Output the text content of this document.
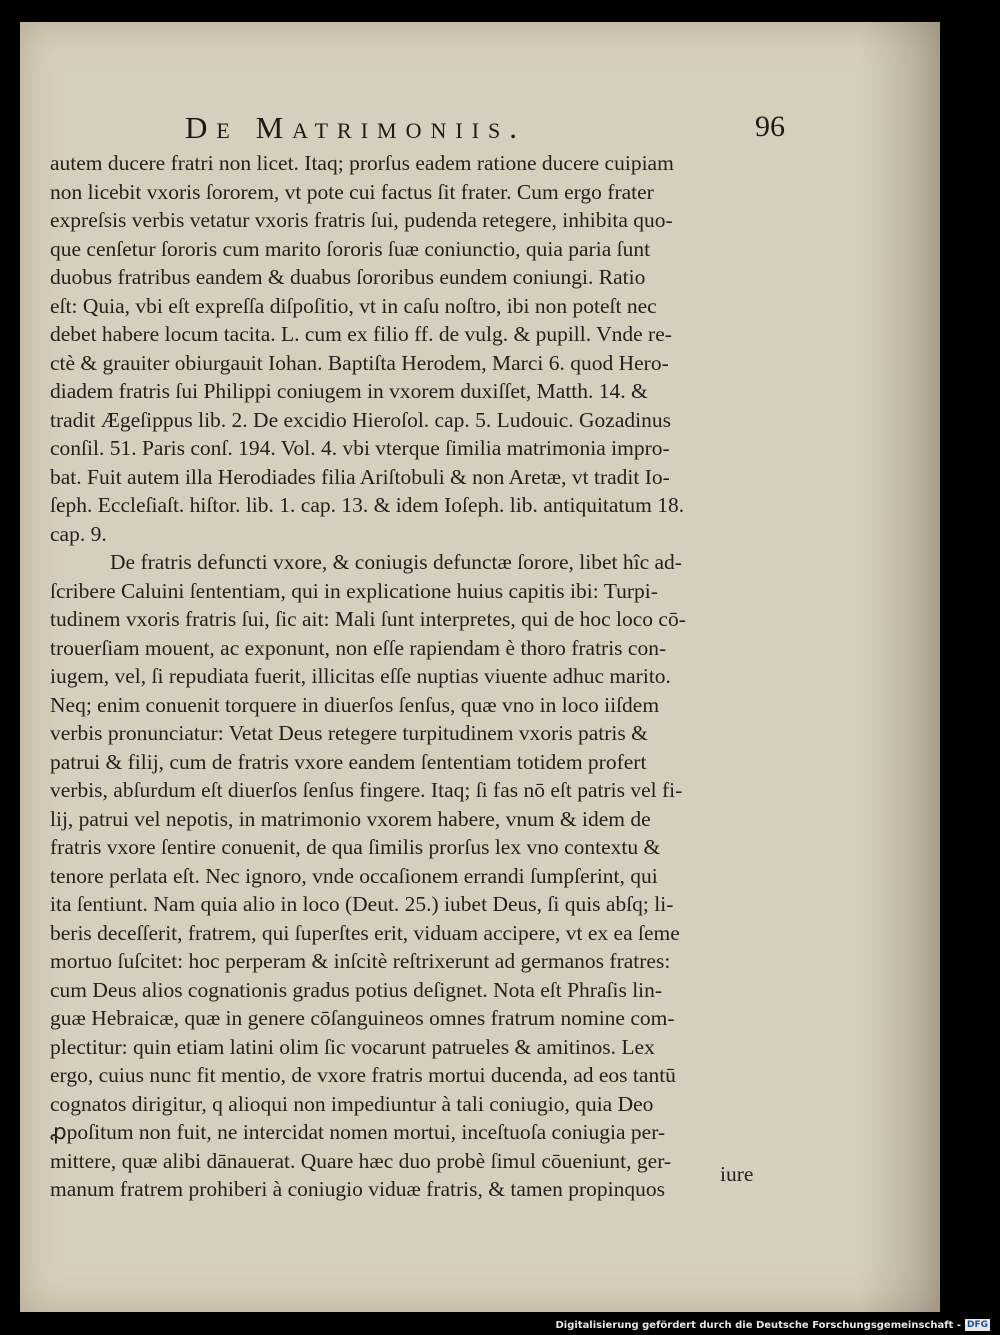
De Matrimoniis.	96
autem ducere fratri non licet. Itaq; prorſus eadem ratione ducere cuipiam
non licebit vxoris ſororem, vt pote cui factus ſit frater. Cum ergo frater
expreſsis verbis vetatur vxoris fratris ſui, pudenda retegere, inhibita quo-
que cenſetur ſororis cum marito ſororis ſuæ coniunctio, quia paria ſunt
duobus fratribus eandem & duabus ſororibus eundem coniungi. Ratio
eſt: Quia, vbi eſt expreſſa diſpoſitio, vt in caſu noſtro, ibi non poteſt nec
debet habere locum tacita. L. cum ex filio ff. de vulg. & pupill. Vnde re-
ctè & grauiter obiurgauit Iohan. Baptiſta Herodem, Marci 6. quod Hero-
diadem fratris ſui Philippi coniugem in vxorem duxiſſet, Matth. 14. &
tradit Ægeſippus lib. 2. De excidio Hieroſol. cap. 5. Ludouic. Gozadinus
conſil. 51. Paris conſ. 194. Vol. 4. vbi vterque ſimilia matrimonia impro-
bat. Fuit autem illa Herodiades filia Ariſtobuli & non Aretæ, vt tradit Io-
ſeph. Eccleſiaſt. hiſtor. lib. 1. cap. 13. & idem Ioſeph. lib. antiquitatum 18.
cap. 9.
De fratris defuncti vxore, & coniugis defunctæ ſorore, libet hîc ad-
ſcribere Caluini ſententiam, qui in explicatione huius capitis ibi: Turpi-
tudinem vxoris fratris ſui, ſic ait: Mali ſunt interpretes, qui de hoc loco cō-
trouerſiam mouent, ac exponunt, non eſſe rapiendam è thoro fratris con-
iugem, vel, ſi repudiata fuerit, illicitas eſſe nuptias viuente adhuc marito.
Neq; enim conuenit torquere in diuerſos ſenſus, quæ vno in loco iiſdem
verbis pronunciatur: Vetat Deus retegere turpitudinem vxoris patris &
patrui & filij, cum de fratris vxore eandem ſententiam totidem profert
verbis, abſurdum eſt diuerſos ſenſus fingere. Itaq; ſi fas nō eſt patris vel fi-
lij, patrui vel nepotis, in matrimonio vxorem habere, vnum & idem de
fratris vxore ſentire conuenit, de qua ſimilis prorſus lex vno contextu &
tenore perlata eſt. Nec ignoro, vnde occaſionem errandi ſumpſerint, qui
ita ſentiunt. Nam quia alio in loco (Deut. 25.) iubet Deus, ſi quis abſq; li-
beris deceſſerit, fratrem, qui ſuperſtes erit, viduam accipere, vt ex ea ſeme
mortuo ſuſcitet: hoc perperam & inſcitè reſtrixerunt ad germanos fratres:
cum Deus alios cognationis gradus potius deſignet. Nota eſt Phraſis lin-
guæ Hebraicæ, quæ in genere cōſanguineos omnes fratrum nomine com-
plectitur: quin etiam latini olim ſic vocarunt patrueles & amitinos. Lex
ergo, cuius nunc fit mentio, de vxore fratris mortui ducenda, ad eos tantū
cognatos dirigitur, q alioqui non impediuntur à tali coniugio, quia Deo
ꝓpoſitum non fuit, ne intercidat nomen mortui, inceſtuoſa coniugia per-
mittere, quæ alibi dānauerat. Quare hæc duo probè ſimul cōueniunt, ger-
manum fratrem prohiberi à coniugio viduæ fratris, & tamen propinquos
iure
Digitalisierung gefördert durch die Deutsche Forschungsgemeinschaft - DFG
